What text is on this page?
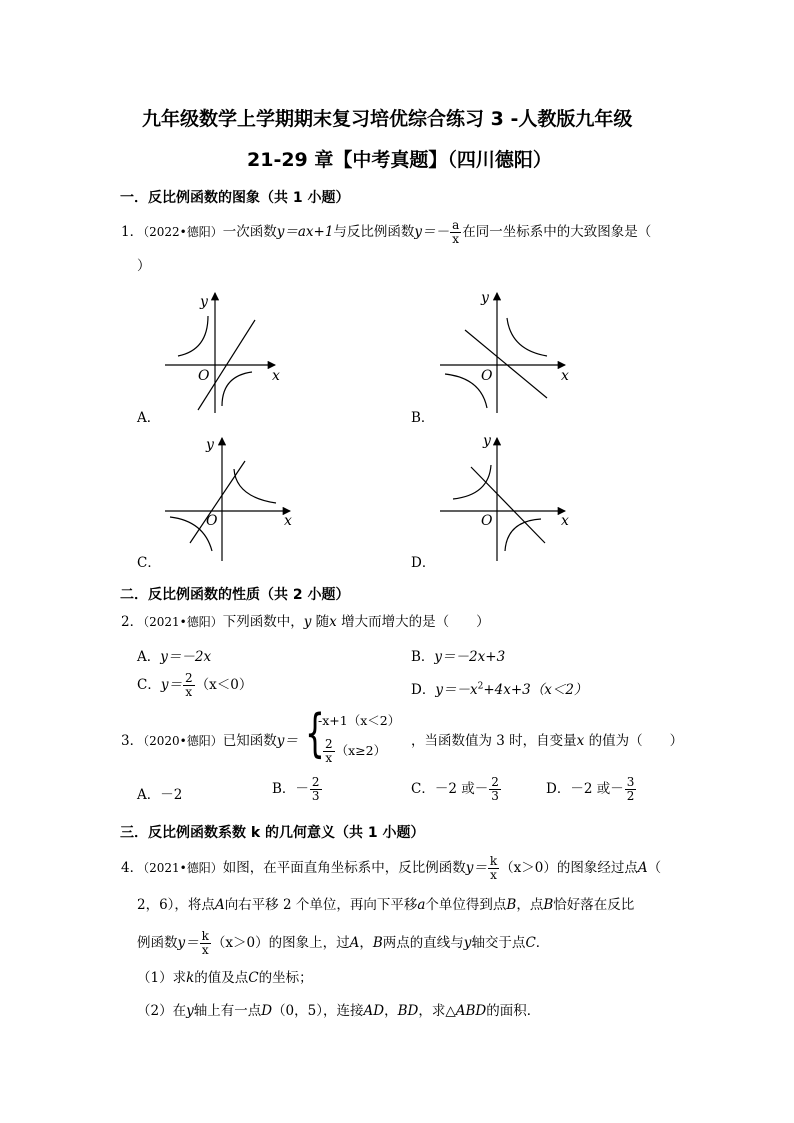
九年级数学上学期期末复习培优综合练习 3 -人教版九年级
21-29 章【中考真题】（四川德阳）
一．反比例函数的图象（共 1 小题）
1．（2022•德阳）一次函数y＝ax+1与反比例函数$y=- \frac{a}{x}$ 在同一坐标系中的大致图象是（
）
y
x
O
A．
y
x
O
B．
y
x
O
C．
y
x
O
D．
二．反比例函数的性质（共 2 小题）
2．（2021•德阳）下列函数中，y 随x 增大而增大的是（　　）
A．y＝－2x	B．y＝－2x+3
C．$y= \frac{2}{x} (x<0)$	D．$y=-x^2+4x+3(x<2)$
3．（2020•德阳）已知函数y＝ {
-x+1（x＜2）
$\frac{2}{x} (x\ge 2)$
，当函数值为 3 时，自变量x 的值为（　　）
A．－2	B．－ $\frac{2}{3}$	C．－2 或－ $\frac{2}{3}$	D．－2 或－ $\frac{3}{2}$
三．反比例函数系数 k 的几何意义（共 1 小题）
4．（2021•德阳）如图，在平面直角坐标系中，反比例函数$y= \frac{k}{x} (x>0)$的图象经过点A（
2，6），将点A向右平移 2 个单位，再向下平移a个单位得到点B，点B恰好落在反比
例函数$y= \frac{k}{x} (x>0)$的图象上，过A，B两点的直线与y轴交于点C．
（1）求k的值及点C的坐标；
（2）在y轴上有一点D（0，5），连接AD，BD，求△ABD的面积．
